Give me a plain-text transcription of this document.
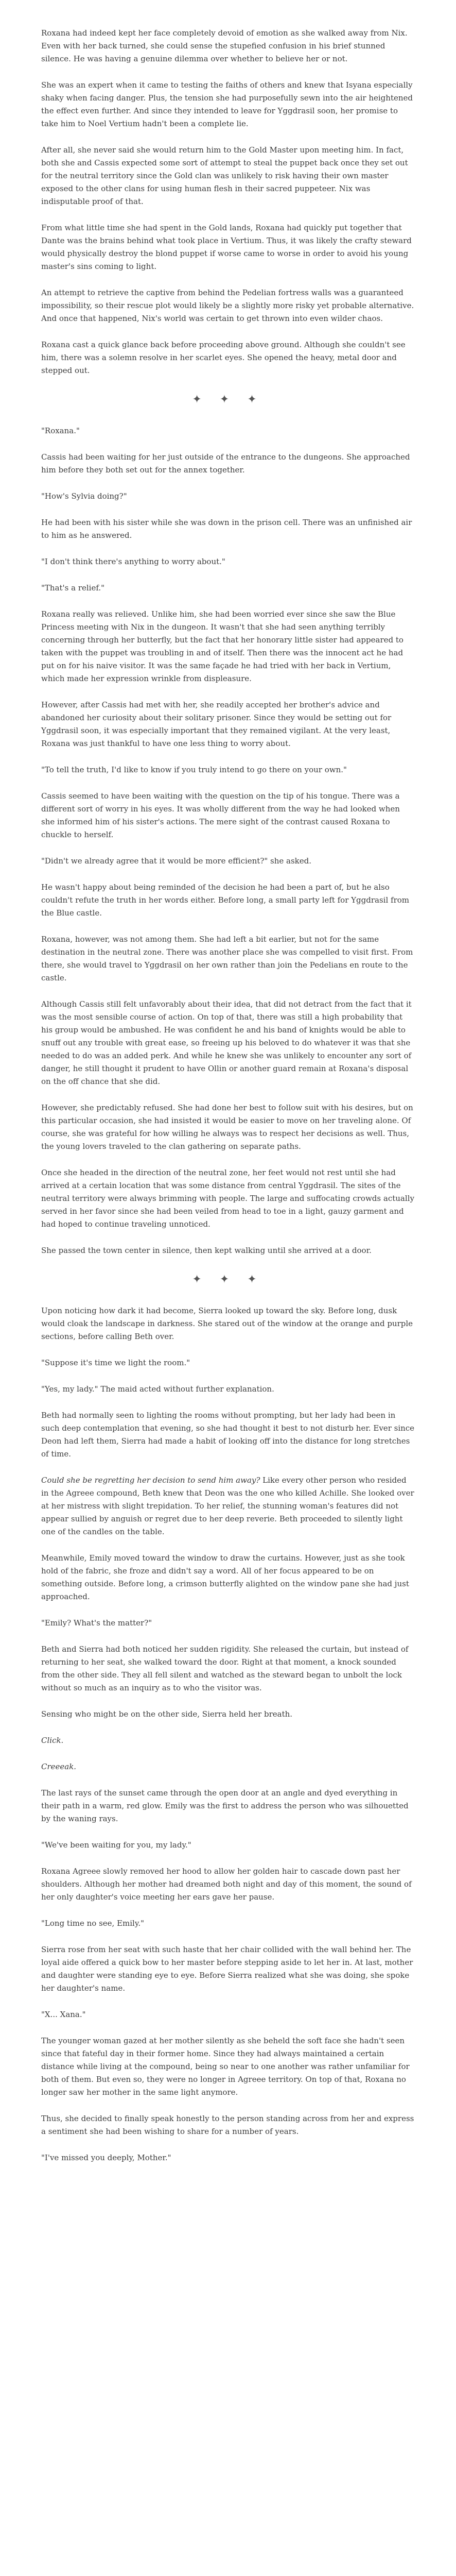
Roxana had indeed kept her face completely devoid of emotion as she walked away from Nix. Even with her back turned, she could sense the stupefied confusion in his brief stunned silence. He was having a genuine dilemma over whether to believe her or not.

She was an expert when it came to testing the faiths of others and knew that Isyana especially shaky when facing danger. Plus, the tension she had purposefully sewn into the air heightened the effect even further. And since they intended to leave for Yggdrasil soon, her promise to take him to Noel Vertium hadn't been a complete lie.

After all, she never said she would return him to the Gold Master upon meeting him. In fact, both she and Cassis expected some sort of attempt to steal the puppet back once they set out for the neutral territory since the Gold clan was unlikely to risk having their own master exposed to the other clans for using human flesh in their sacred puppeteer. Nix was indisputable proof of that.

From what little time she had spent in the Gold lands, Roxana had quickly put together that Dante was the brains behind what took place in Vertium. Thus, it was likely the crafty steward would physically destroy the blond puppet if worse came to worse in order to avoid his young master's sins coming to light.

An attempt to retrieve the captive from behind the Pedelian fortress walls was a guaranteed impossibility, so their rescue plot would likely be a slightly more risky yet probable alternative. And once that happened, Nix's world was certain to get thrown into even wilder chaos.

Roxana cast a quick glance back before proceeding above ground. Although she couldn't see him, there was a solemn resolve in her scarlet eyes. She opened the heavy, metal door and stepped out.

✦ ✦ ✦

"Roxana."

Cassis had been waiting for her just outside of the entrance to the dungeons. She approached him before they both set out for the annex together.

"How's Sylvia doing?"

He had been with his sister while she was down in the prison cell. There was an unfinished air to him as he answered.

"I don't think there's anything to worry about."

"That's a relief."

Roxana really was relieved. Unlike him, she had been worried ever since she saw the Blue Princess meeting with Nix in the dungeon. It wasn't that she had seen anything terribly concerning through her butterfly, but the fact that her honorary little sister had appeared to taken with the puppet was troubling in and of itself. Then there was the innocent act he had put on for his naive visitor. It was the same façade he had tried with her back in Vertium, which made her expression wrinkle from displeasure.

However, after Cassis had met with her, she readily accepted her brother's advice and abandoned her curiosity about their solitary prisoner. Since they would be setting out for Yggdrasil soon, it was especially important that they remained vigilant. At the very least, Roxana was just thankful to have one less thing to worry about.

"To tell the truth, I'd like to know if you truly intend to go there on your own."

Cassis seemed to have been waiting with the question on the tip of his tongue. There was a different sort of worry in his eyes. It was wholly different from the way he had looked when she informed him of his sister's actions. The mere sight of the contrast caused Roxana to chuckle to herself.

"Didn't we already agree that it would be more efficient?" she asked.

He wasn't happy about being reminded of the decision he had been a part of, but he also couldn't refute the truth in her words either. Before long, a small party left for Yggdrasil from the Blue castle.

Roxana, however, was not among them. She had left a bit earlier, but not for the same destination in the neutral zone. There was another place she was compelled to visit first. From there, she would travel to Yggdrasil on her own rather than join the Pedelians en route to the castle.

Although Cassis still felt unfavorably about their idea, that did not detract from the fact that it was the most sensible course of action. On top of that, there was still a high probability that his group would be ambushed. He was confident he and his band of knights would be able to snuff out any trouble with great ease, so freeing up his beloved to do whatever it was that she needed to do was an added perk. And while he knew she was unlikely to encounter any sort of danger, he still thought it prudent to have Ollin or another guard remain at Roxana's disposal on the off chance that she did.

However, she predictably refused. She had done her best to follow suit with his desires, but on this particular occasion, she had insisted it would be easier to move on her traveling alone. Of course, she was grateful for how willing he always was to respect her decisions as well. Thus, the young lovers traveled to the clan gathering on separate paths.

Once she headed in the direction of the neutral zone, her feet would not rest until she had arrived at a certain location that was some distance from central Yggdrasil. The sites of the neutral territory were always brimming with people. The large and suffocating crowds actually served in her favor since she had been veiled from head to toe in a light, gauzy garment and had hoped to continue traveling unnoticed.

She passed the town center in silence, then kept walking until she arrived at a door.

✦ ✦ ✦

Upon noticing how dark it had become, Sierra looked up toward the sky. Before long, dusk would cloak the landscape in darkness. She stared out of the window at the orange and purple sections, before calling Beth over.

"Suppose it's time we light the room."

"Yes, my lady." The maid acted without further explanation.

Beth had normally seen to lighting the rooms without prompting, but her lady had been in such deep contemplation that evening, so she had thought it best to not disturb her. Ever since Deon had left them, Sierra had made a habit of looking off into the distance for long stretches of time.

Could she be regretting her decision to send him away? Like every other person who resided in the Agreee compound, Beth knew that Deon was the one who killed Achille. She looked over at her mistress with slight trepidation. To her relief, the stunning woman's features did not appear sullied by anguish or regret due to her deep reverie. Beth proceeded to silently light one of the candles on the table.

Meanwhile, Emily moved toward the window to draw the curtains. However, just as she took hold of the fabric, she froze and didn't say a word. All of her focus appeared to be on something outside. Before long, a crimson butterfly alighted on the window pane she had just approached.

"Emily? What's the matter?"

Beth and Sierra had both noticed her sudden rigidity. She released the curtain, but instead of returning to her seat, she walked toward the door. Right at that moment, a knock sounded from the other side. They all fell silent and watched as the steward began to unbolt the lock without so much as an inquiry as to who the visitor was.

Sensing who might be on the other side, Sierra held her breath.

Click.

Creeeak.

The last rays of the sunset came through the open door at an angle and dyed everything in their path in a warm, red glow. Emily was the first to address the person who was silhouetted by the waning rays.

"We've been waiting for you, my lady."

Roxana Agreee slowly removed her hood to allow her golden hair to cascade down past her shoulders. Although her mother had dreamed both night and day of this moment, the sound of her only daughter's voice meeting her ears gave her pause.

"Long time no see, Emily."

Sierra rose from her seat with such haste that her chair collided with the wall behind her. The loyal aide offered a quick bow to her master before stepping aside to let her in. At last, mother and daughter were standing eye to eye. Before Sierra realized what she was doing, she spoke her daughter's name.

"X... Xana."

The younger woman gazed at her mother silently as she beheld the soft face she hadn't seen since that fateful day in their former home. Since they had always maintained a certain distance while living at the compound, being so near to one another was rather unfamiliar for both of them. But even so, they were no longer in Agreee territory. On top of that, Roxana no longer saw her mother in the same light anymore.

Thus, she decided to finally speak honestly to the person standing across from her and express a sentiment she had been wishing to share for a number of years.

"I've missed you deeply, Mother."
